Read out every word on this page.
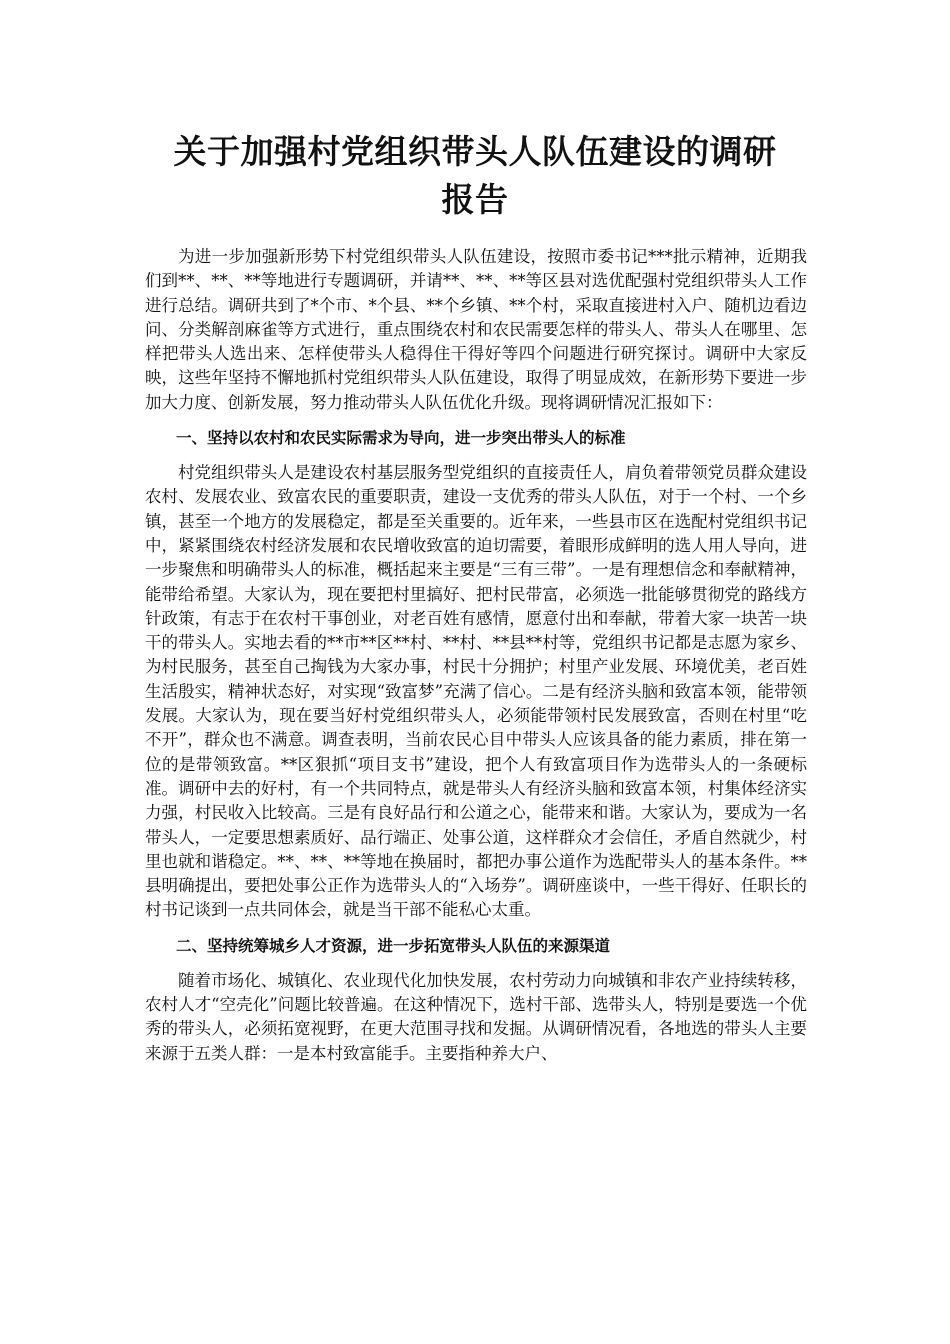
关于加强村党组织带头人队伍建设的调研
报告

为进一步加强新形势下村党组织带头人队伍建设，按照市委书记***批示精神，近期我们到**、**、**等地进行专题调研，并请**、**、**等区县对选优配强村党组织带头人工作进行总结。调研共到了*个市、*个县、**个乡镇、**个村，采取直接进村入户、随机边看边问、分类解剖麻雀等方式进行，重点围绕农村和农民需要怎样的带头人、带头人在哪里、怎样把带头人选出来、怎样使带头人稳得住干得好等四个问题进行研究探讨。调研中大家反映，这些年坚持不懈地抓村党组织带头人队伍建设，取得了明显成效，在新形势下要进一步加大力度、创新发展，努力推动带头人队伍优化升级。现将调研情况汇报如下：

一、坚持以农村和农民实际需求为导向，进一步突出带头人的标准

村党组织带头人是建设农村基层服务型党组织的直接责任人，肩负着带领党员群众建设农村、发展农业、致富农民的重要职责，建设一支优秀的带头人队伍，对于一个村、一个乡镇，甚至一个地方的发展稳定，都是至关重要的。近年来，一些县市区在选配村党组织书记中，紧紧围绕农村经济发展和农民增收致富的迫切需要，着眼形成鲜明的选人用人导向，进一步聚焦和明确带头人的标准，概括起来主要是“三有三带”。一是有理想信念和奉献精神，能带给希望。大家认为，现在要把村里搞好、把村民带富，必须选一批能够贯彻党的路线方针政策，有志于在农村干事创业，对老百姓有感情，愿意付出和奉献，带着大家一块苦一块干的带头人。实地去看的**市**区**村、**村、**县**村等，党组织书记都是志愿为家乡、为村民服务，甚至自己掏钱为大家办事，村民十分拥护；村里产业发展、环境优美，老百姓生活殷实，精神状态好，对实现“致富梦”充满了信心。二是有经济头脑和致富本领，能带领发展。大家认为，现在要当好村党组织带头人，必须能带领村民发展致富，否则在村里“吃不开”，群众也不满意。调查表明，当前农民心目中带头人应该具备的能力素质，排在第一位的是带领致富。**区狠抓“项目支书”建设，把个人有致富项目作为选带头人的一条硬标准。调研中去的好村，有一个共同特点，就是带头人有经济头脑和致富本领，村集体经济实力强，村民收入比较高。三是有良好品行和公道之心，能带来和谐。大家认为，要成为一名带头人，一定要思想素质好、品行端正、处事公道，这样群众才会信任，矛盾自然就少，村里也就和谐稳定。**、**、**等地在换届时，都把办事公道作为选配带头人的基本条件。**县明确提出，要把处事公正作为选带头人的“入场券”。调研座谈中，一些干得好、任职长的村书记谈到一点共同体会，就是当干部不能私心太重。

二、坚持统筹城乡人才资源，进一步拓宽带头人队伍的来源渠道

随着市场化、城镇化、农业现代化加快发展，农村劳动力向城镇和非农产业持续转移，农村人才“空壳化”问题比较普遍。在这种情况下，选村干部、选带头人，特别是要选一个优秀的带头人，必须拓宽视野，在更大范围寻找和发掘。从调研情况看，各地选的带头人主要来源于五类人群：一是本村致富能手。主要指种养大户、
